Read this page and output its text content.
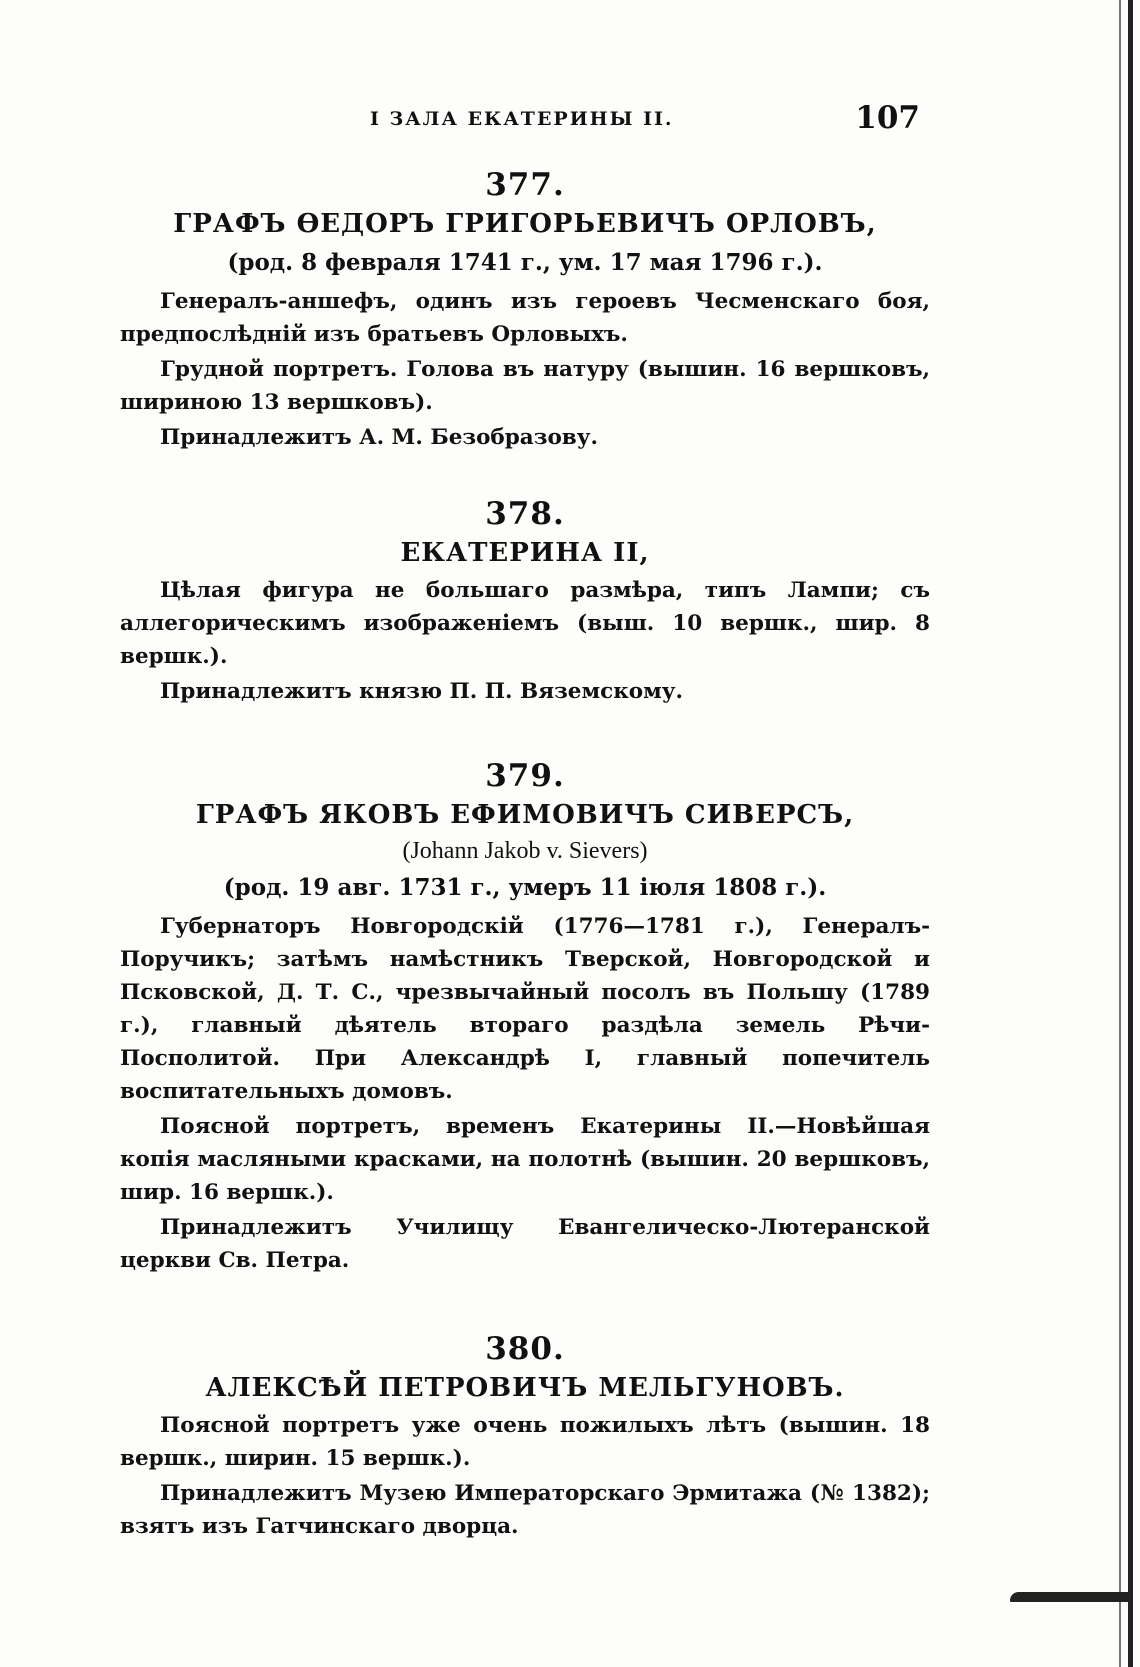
I ЗАЛА ЕКАТЕРИНЫ II.	107
377.
ГРАФЪ ѲЕДОРЪ ГРИГОРЬЕВИЧЪ ОРЛОВЪ,
(род. 8 февраля 1741 г., ум. 17 мая 1796 г.).

Генералъ-аншефъ, одинъ изъ героевъ Чесменскаго боя, предпослѣдній изъ братьевъ Орловыхъ.

Грудной портретъ. Голова въ натуру (вышин. 16 вершковъ, шириною 13 вершковъ).

Принадлежитъ А. М. Безобразову.

378.
ЕКАТЕРИНА II,

Цѣлая фигура не большаго размѣра, типъ Лампи; съ аллегорическимъ изображеніемъ (выш. 10 вершк., шир. 8 вершк.).

Принадлежитъ князю П. П. Вяземскому.

379.
ГРАФЪ ЯКОВЪ ЕФИМОВИЧЪ СИВЕРСЪ,
(Johann Jakob v. Sievers)
(род. 19 авг. 1731 г., умеръ 11 іюля 1808 г.).

Губернаторъ Новгородскій (1776—1781 г.), Генералъ-Поручикъ; затѣмъ намѣстникъ Тверской, Новгородской и Псковской, Д. Т. С., чрезвычайный посолъ въ Польшу (1789 г.), главный дѣятель втораго раздѣла земель Рѣчи-Посполитой. При Александрѣ I, главный попечитель воспитательныхъ домовъ.

Поясной портретъ, временъ Екатерины II.—Новѣйшая копія масляными красками, на полотнѣ (вышин. 20 вершковъ, шир. 16 вершк.).

Принадлежитъ Училищу Евангелическо-Лютеранской церкви Св. Петра.

380.
АЛЕКСѢЙ ПЕТРОВИЧЪ МЕЛЬГУНОВЪ.

Поясной портретъ уже очень пожилыхъ лѣтъ (вышин. 18 вершк., ширин. 15 вершк.).

Принадлежитъ Музею Императорскаго Эрмитажа (№ 1382); взятъ изъ Гатчинскаго дворца.
